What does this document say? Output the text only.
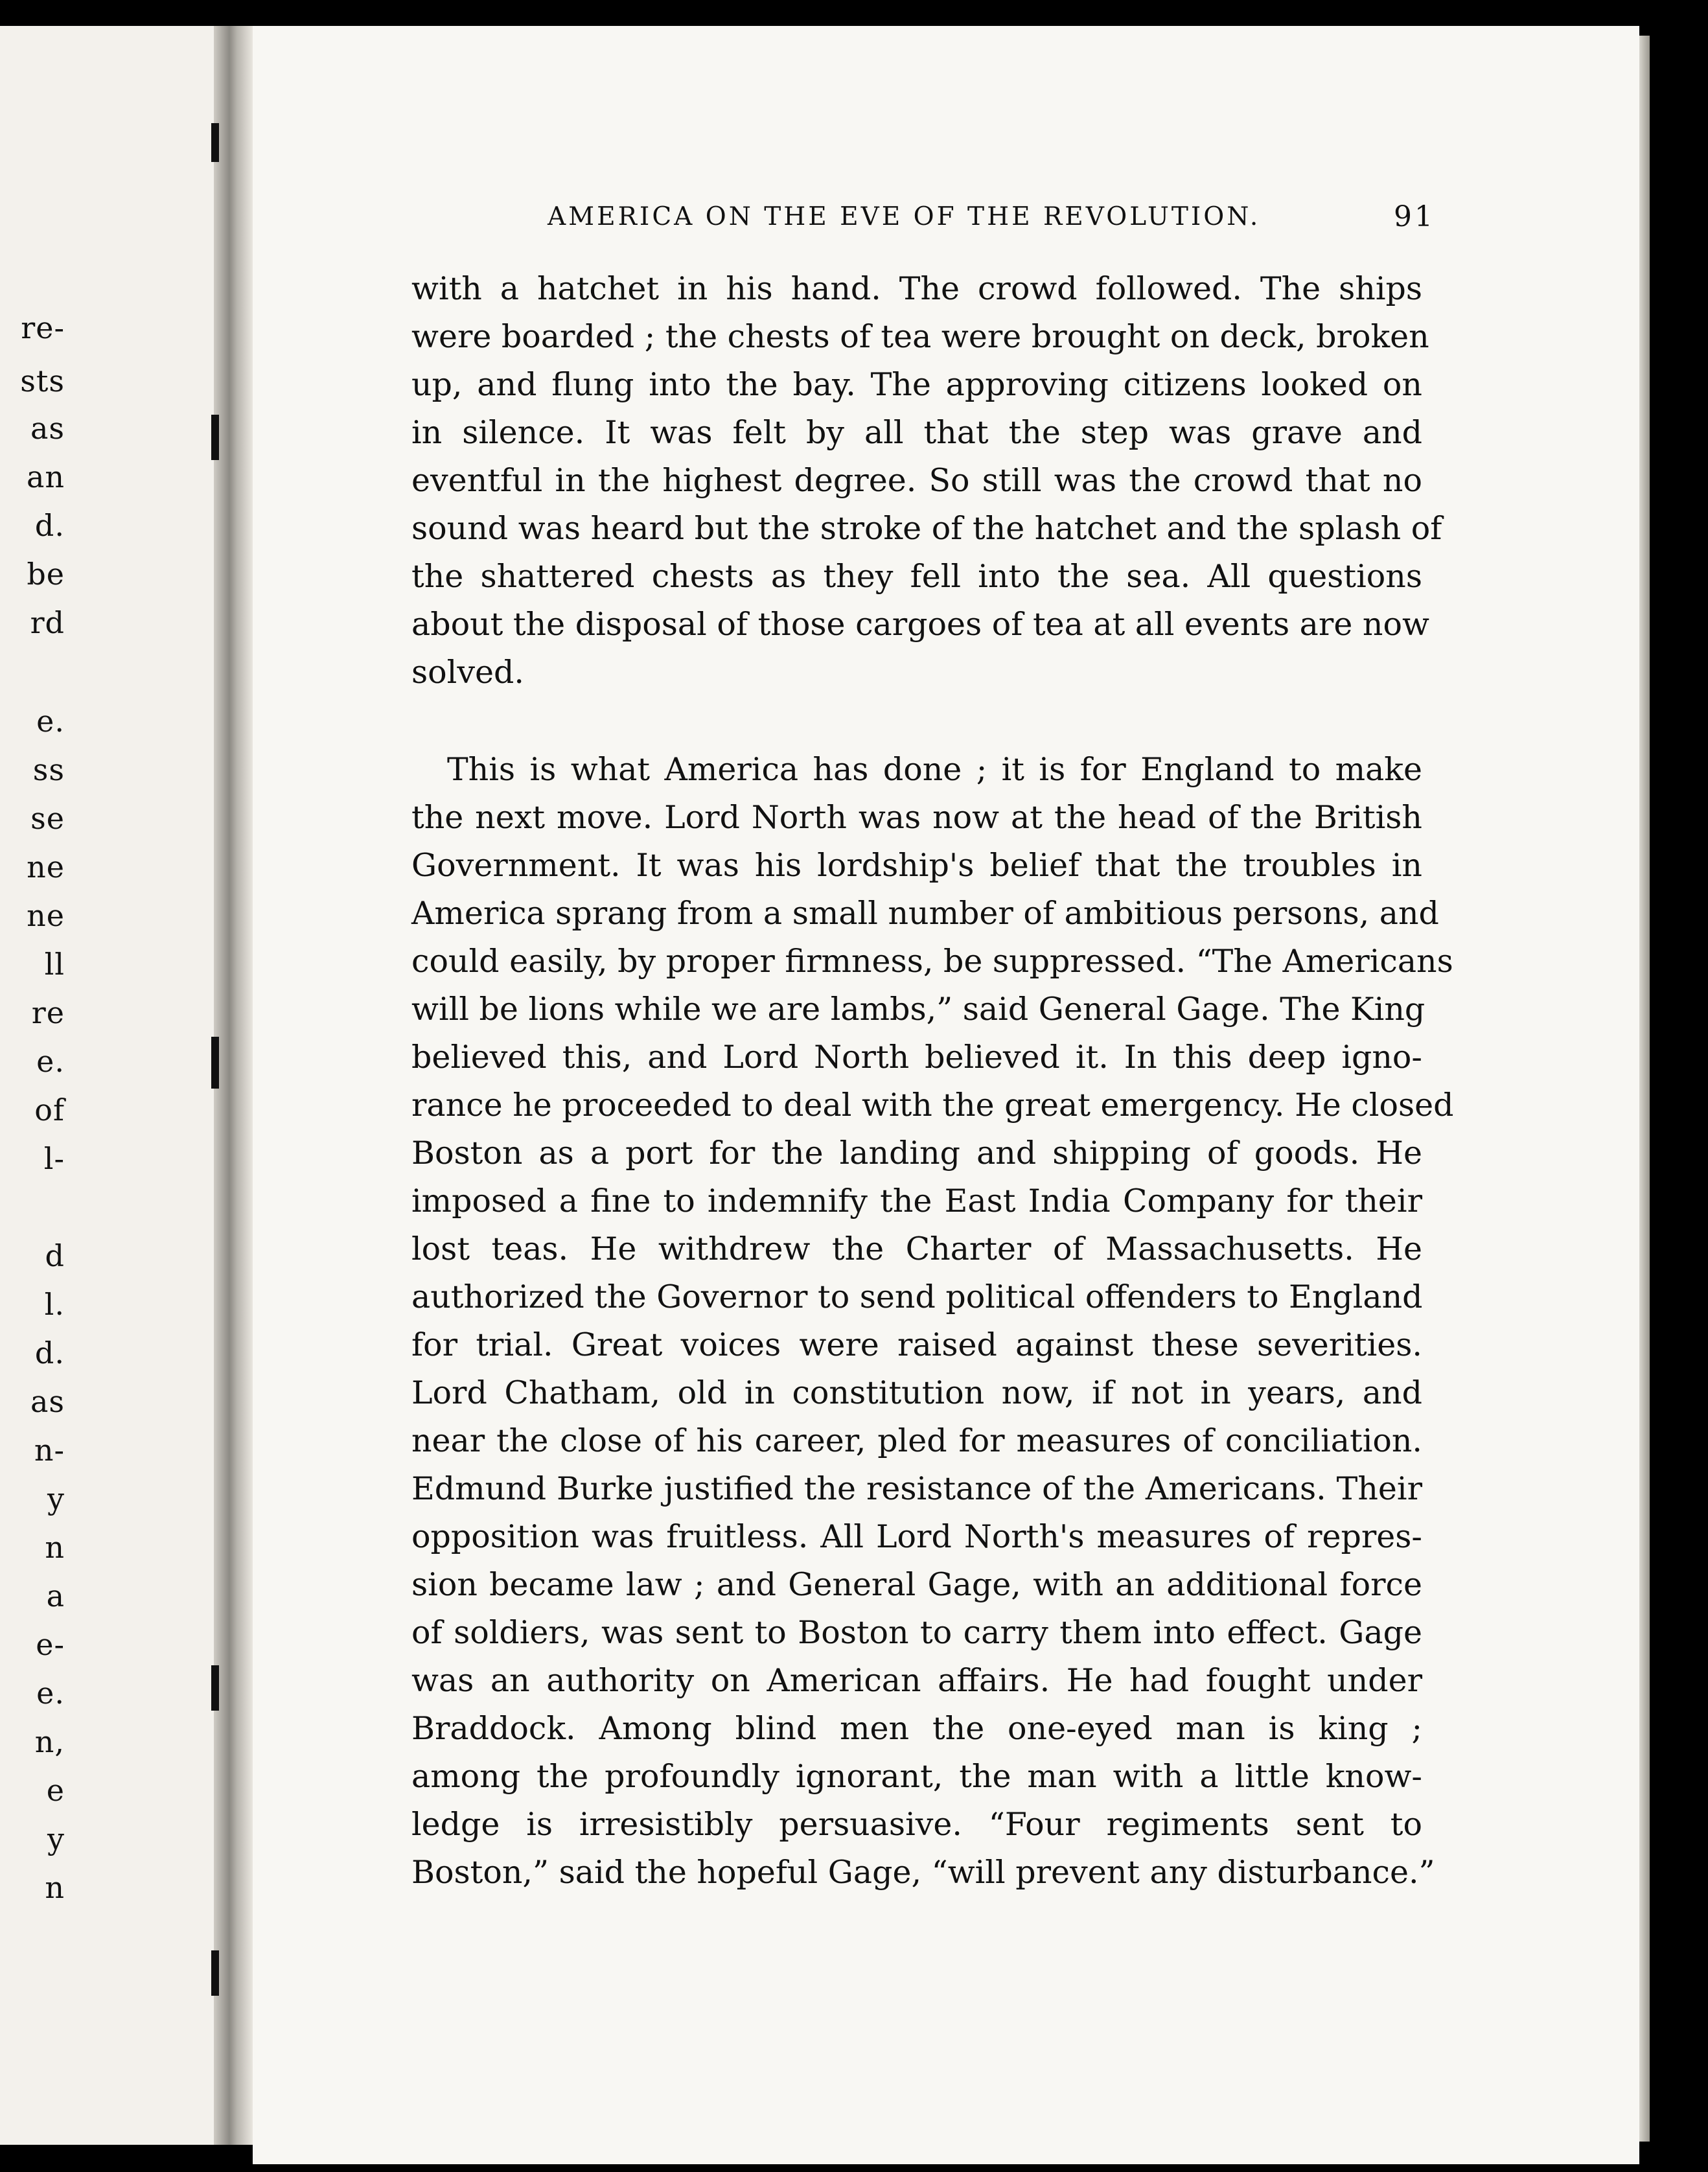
re-
sts
as
an
d.
be
rd
e.
ss
se
ne
ne
ll
re
e.
of
l-
d
l.
d.
as
n-
y
n
a
e-
e.
n,
e
y
n
AMERICA ON THE EVE OF THE REVOLUTION.	91
with a hatchet in his hand. The crowd followed. The ships
were boarded ; the chests of tea were brought on deck, broken
up, and flung into the bay. The approving citizens looked on
in silence. It was felt by all that the step was grave and
eventful in the highest degree. So still was the crowd that no
sound was heard but the stroke of the hatchet and the splash of
the shattered chests as they fell into the sea. All questions
about the disposal of those cargoes of tea at all events are now
solved.
This is what America has done ; it is for England to make
the next move. Lord North was now at the head of the British
Government. It was his lordship's belief that the troubles in
America sprang from a small number of ambitious persons, and
could easily, by proper firmness, be suppressed. “The Americans
will be lions while we are lambs,” said General Gage. The King
believed this, and Lord North believed it. In this deep igno-
rance he proceeded to deal with the great emergency. He closed
Boston as a port for the landing and shipping of goods. He
imposed a fine to indemnify the East India Company for their
lost teas. He withdrew the Charter of Massachusetts. He
authorized the Governor to send political offenders to England
for trial. Great voices were raised against these severities.
Lord Chatham, old in constitution now, if not in years, and
near the close of his career, pled for measures of conciliation.
Edmund Burke justified the resistance of the Americans. Their
opposition was fruitless. All Lord North's measures of repres-
sion became law ; and General Gage, with an additional force
of soldiers, was sent to Boston to carry them into effect. Gage
was an authority on American affairs. He had fought under
Braddock. Among blind men the one-eyed man is king ;
among the profoundly ignorant, the man with a little know-
ledge is irresistibly persuasive. “Four regiments sent to
Boston,” said the hopeful Gage, “will prevent any disturbance.”
